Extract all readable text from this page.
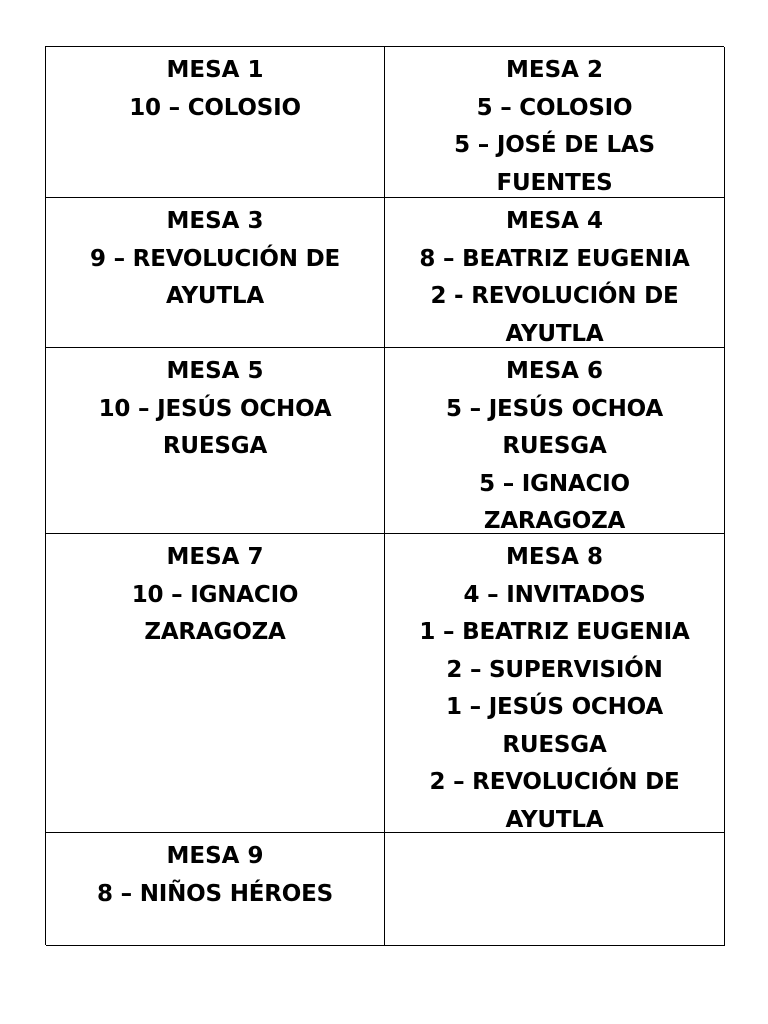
MESA 1
10 – COLOSIO
MESA 2
5 – COLOSIO
5 – JOSÉ DE LAS
FUENTES
MESA 3
9 – REVOLUCIÓN DE
AYUTLA
MESA 4
8 – BEATRIZ EUGENIA
2 - REVOLUCIÓN DE
AYUTLA
MESA 5
10 – JESÚS OCHOA
RUESGA
MESA 6
5 – JESÚS OCHOA
RUESGA
5 – IGNACIO
ZARAGOZA
MESA 7
10 – IGNACIO
ZARAGOZA
MESA 8
4 – INVITADOS
1 – BEATRIZ EUGENIA
2 – SUPERVISIÓN
1 – JESÚS OCHOA
RUESGA
2 – REVOLUCIÓN DE
AYUTLA
MESA 9
8 – NIÑOS HÉROES
